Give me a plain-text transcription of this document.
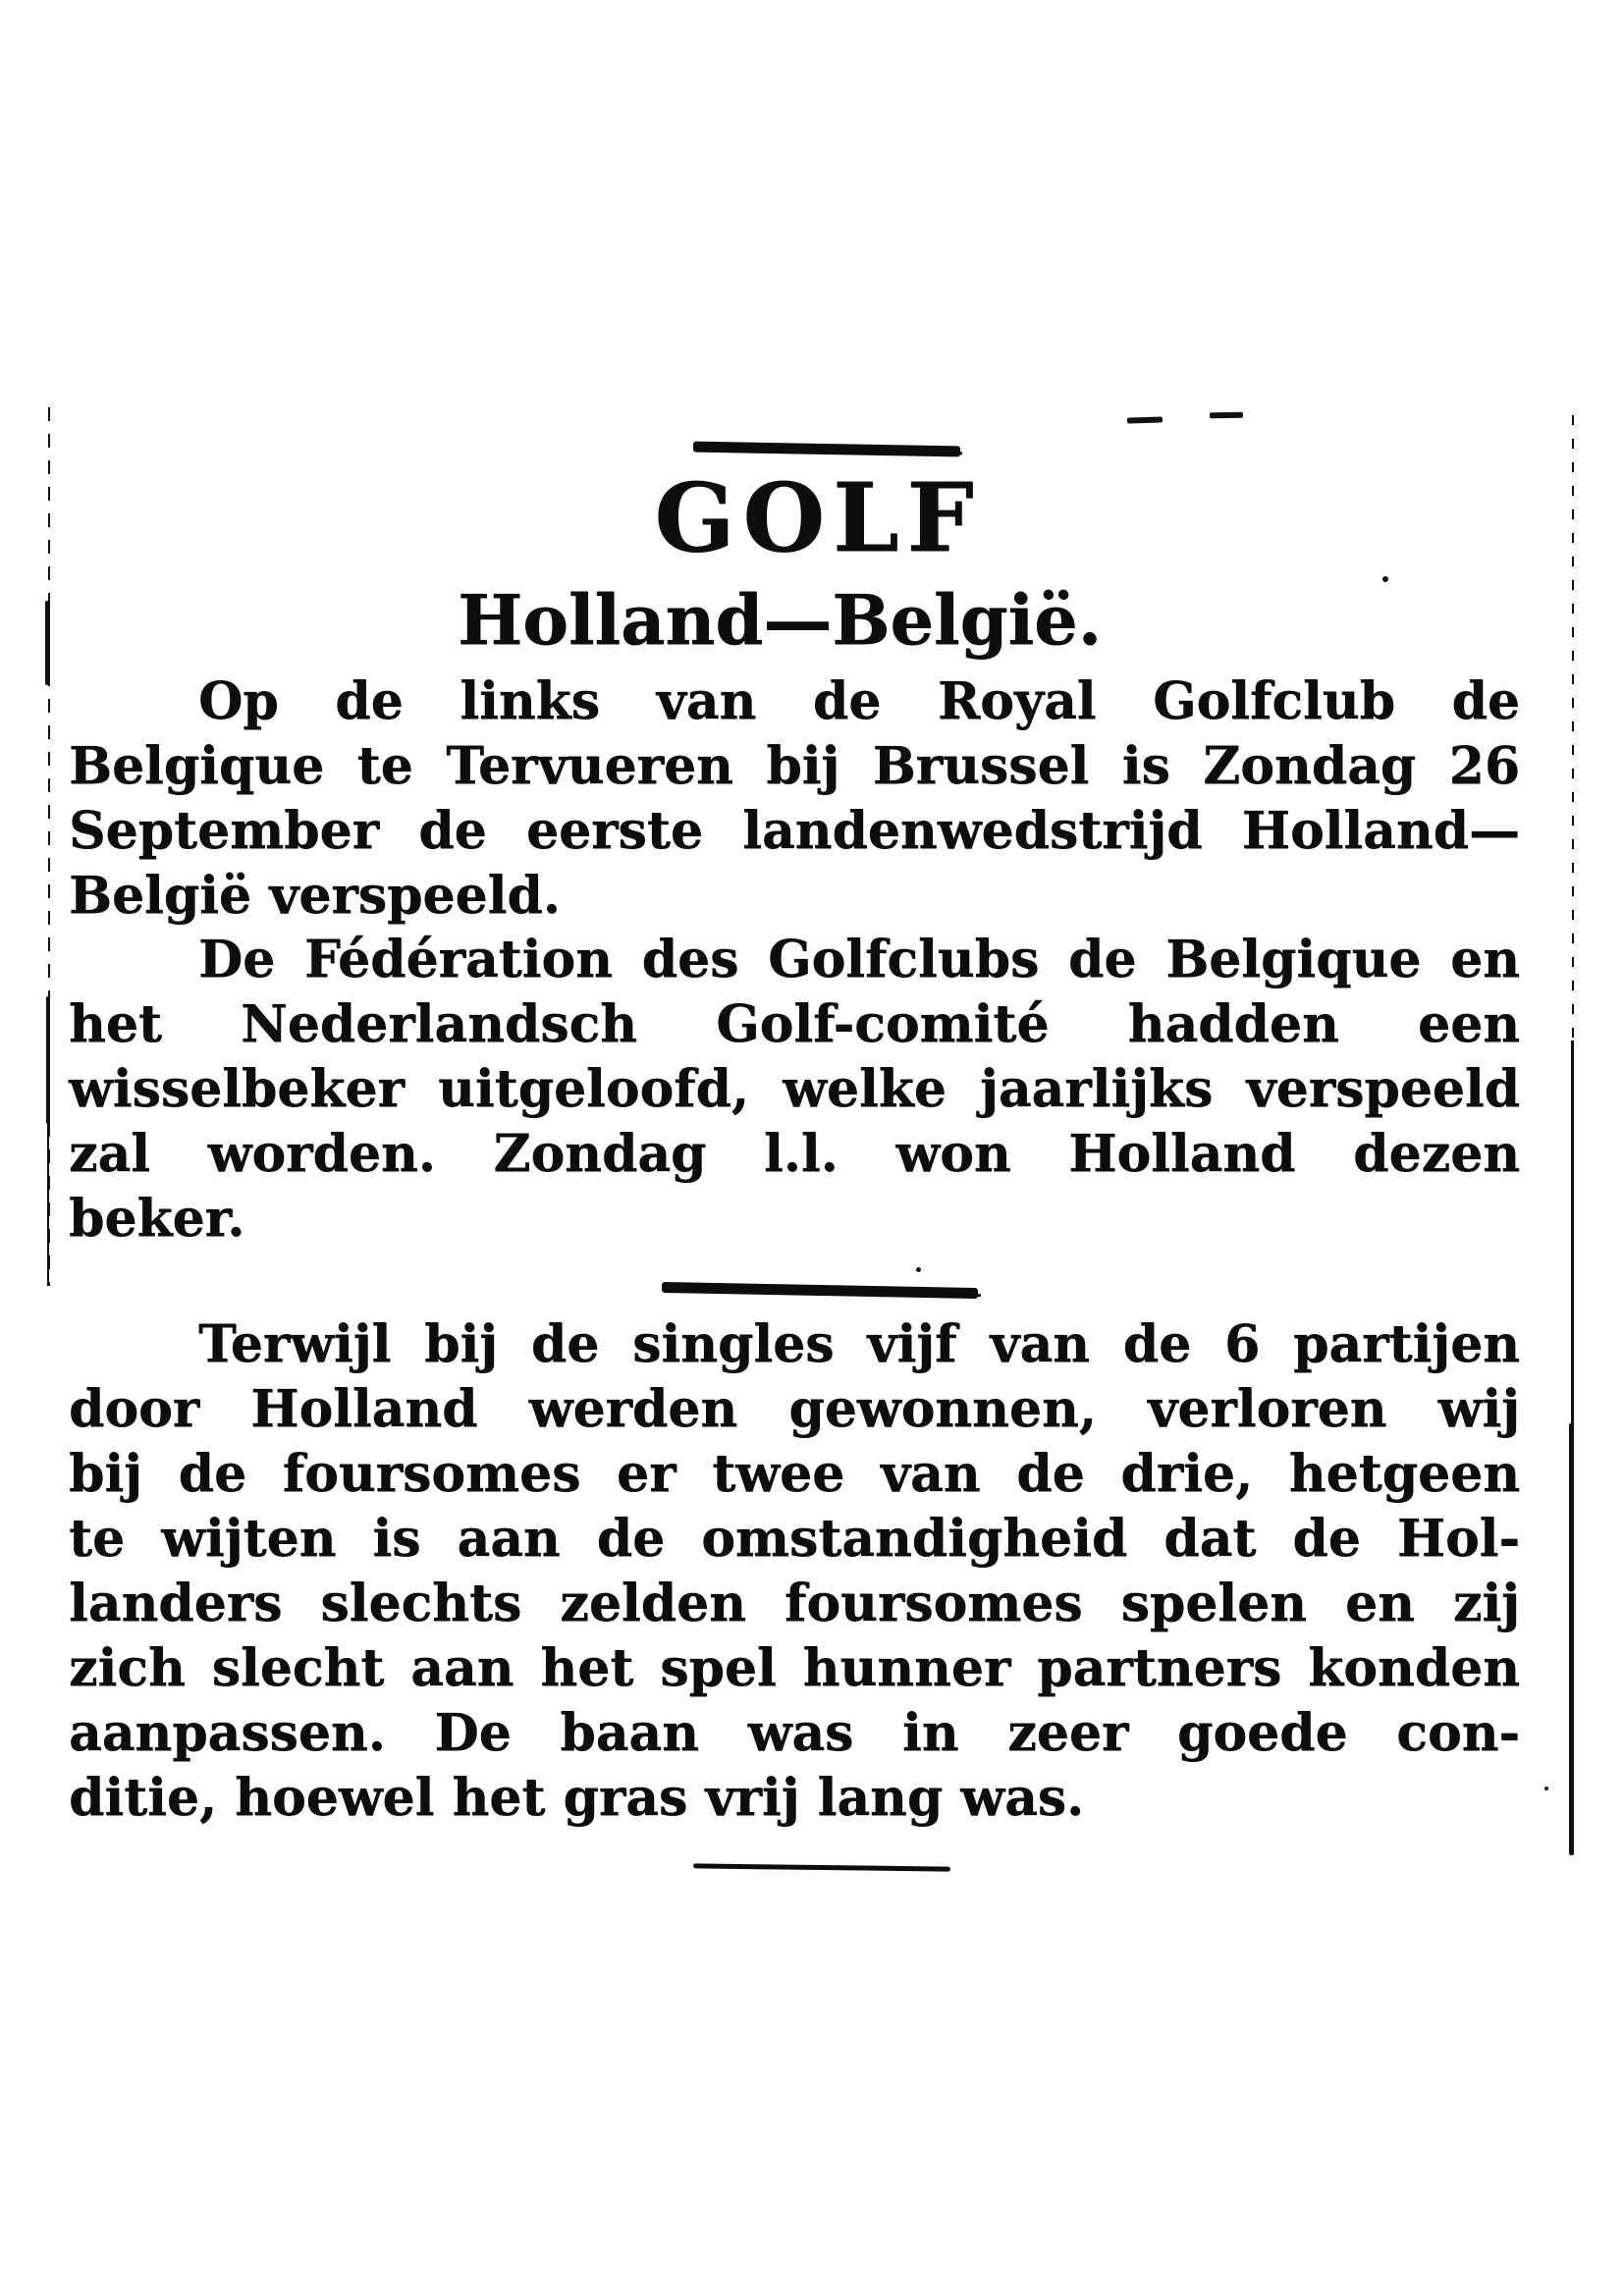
GOLF
Holland—België.
Op de links van de Royal Golfclub de
Belgique te Tervueren bij Brussel is Zondag 26
September de eerste landenwedstrijd Holland—
België verspeeld.
De Fédération des Golfclubs de Belgique en
het Nederlandsch Golf-comité hadden een
wisselbeker uitgeloofd, welke jaarlijks verspeeld
zal worden. Zondag l.l. won Holland dezen
beker.
Terwijl bij de singles vijf van de 6 partijen
door Holland werden gewonnen, verloren wij
bij de foursomes er twee van de drie, hetgeen
te wijten is aan de omstandigheid dat de Hol-
landers slechts zelden foursomes spelen en zij
zich slecht aan het spel hunner partners konden
aanpassen. De baan was in zeer goede con-
ditie, hoewel het gras vrij lang was.
